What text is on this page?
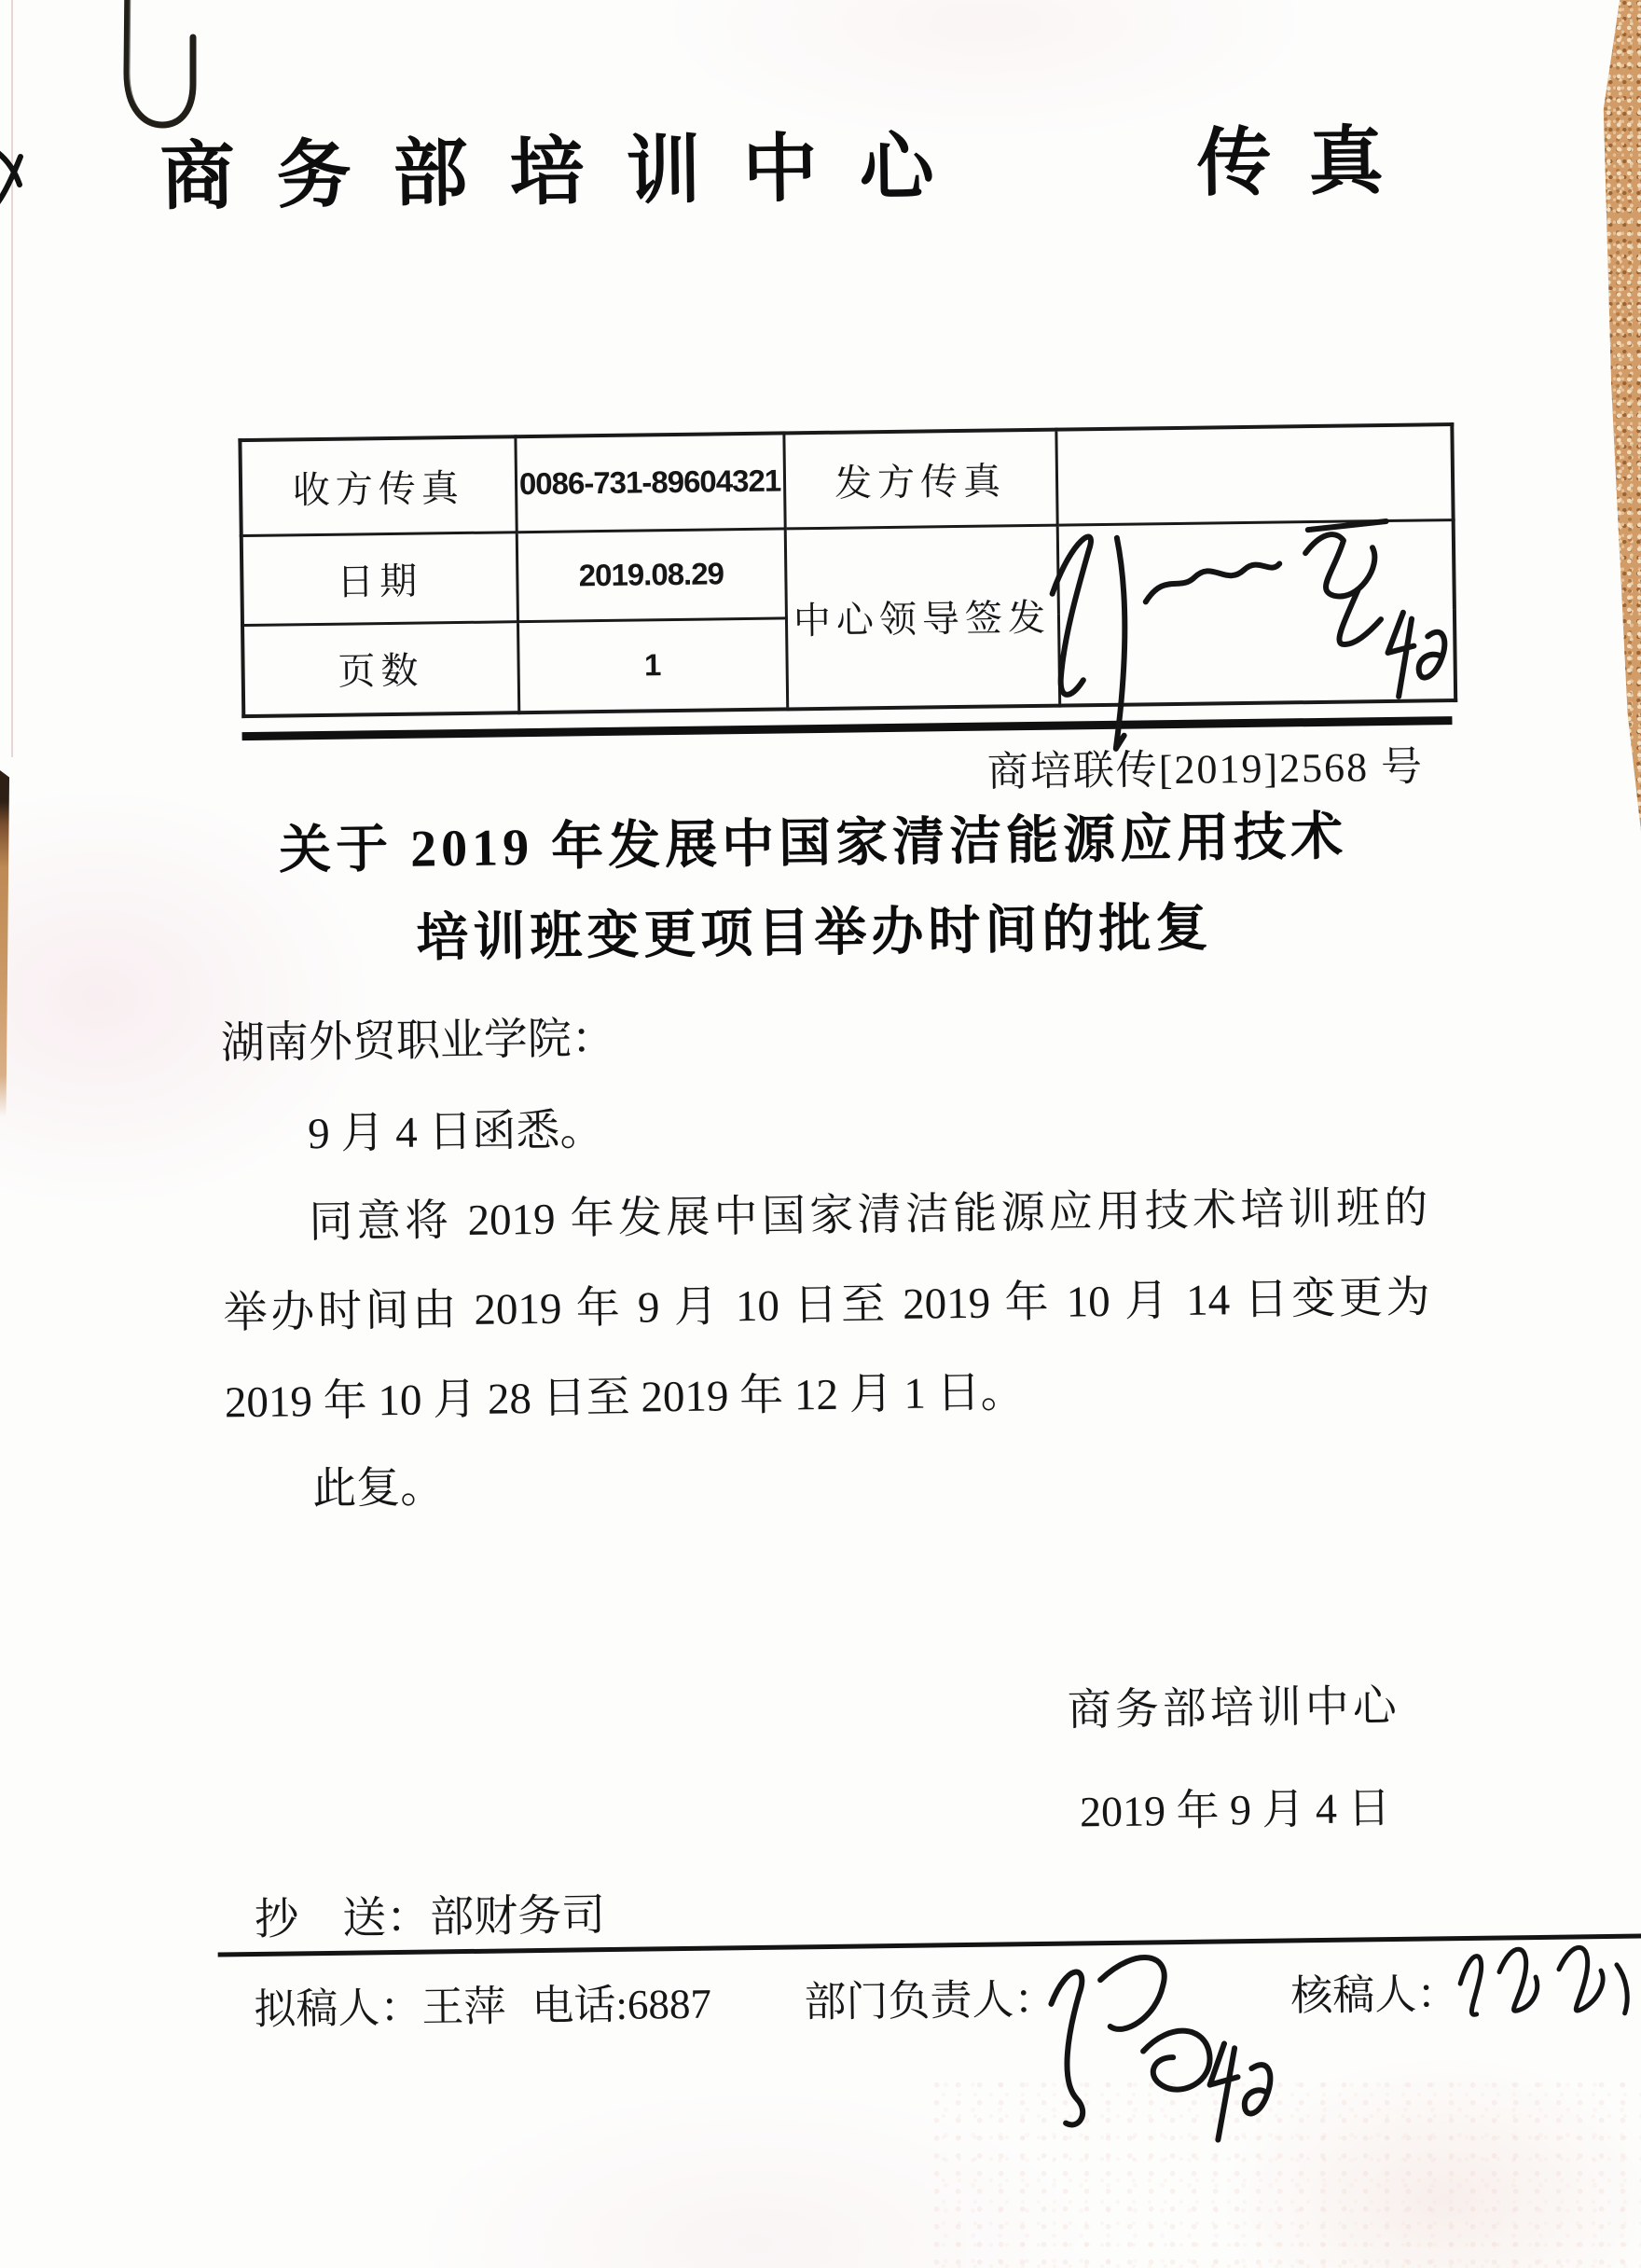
商务部培训中心	传真
收方传真	0086-731-89604321	发方传真	
日期	2019.08.29	中心领导签发	
页数	1		
商培联传[2019]2568 号
关于 2019 年发展中国家清洁能源应用技术
培训班变更项目举办时间的批复
湖南外贸职业学院：
9 月 4 日函悉。
同意将 2019 年发展中国家清洁能源应用技术培训班的
举办时间由 2019 年 9 月 10 日至 2019 年 10 月 14 日变更为
2019 年 10 月 28 日至 2019 年 12 月 1 日。
此复。
商务部培训中心
2019 年 9 月 4 日
抄　送：部财务司
拟稿人：王萍 电话:6887 部门负责人：	核稿人：
